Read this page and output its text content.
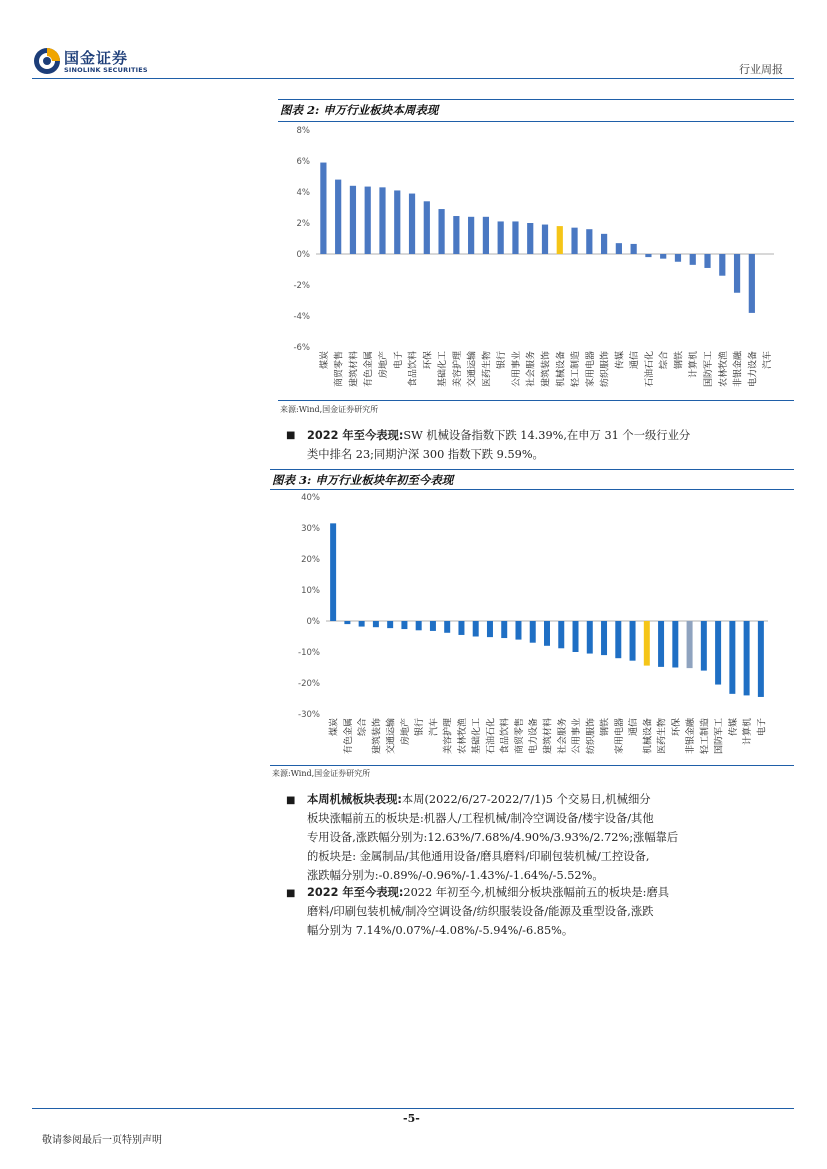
国金证券
SINOLINK SECURITIES	行业周报
图表 2: 申万行业板块本周表现
8%
6%
4%
2%
0%
-2%
-4%
-6%
煤炭 商贸零售 建筑材料 有色金属 房地产 电子 食品饮料 环保 基础化工 美容护理 交通运输 医药生物 银行 公用事业 社会服务 建筑装饰 机械设备 轻工制造 家用电器 纺织服饰 传媒 通信 石油石化 综合 钢铁 计算机 国防军工 农林牧渔 非银金融 电力设备 汽车
来源:Wind,国金证券研究所
■ 2022 年至今表现:SW 机械设备指数下跌 14.39%,在申万 31 个一级行业分
类中排名 23;同期沪深 300 指数下跌 9.59%。
图表 3: 申万行业板块年初至今表现
40%
30%
20%
10%
0%
-10%
-20%
-30%
煤炭 有色金属 综合 建筑装饰 交通运输 房地产 银行 汽车 美容护理 农林牧渔 基础化工 石油石化 食品饮料 商贸零售 电力设备 建筑材料 社会服务 公用事业 纺织服饰 钢铁 家用电器 通信 机械设备 医药生物 环保 非银金融 轻工制造 国防军工 传媒 计算机 电子
来源:Wind,国金证券研究所
■ 本周机械板块表现:本周(2022/6/27-2022/7/1)5 个交易日,机械细分
板块涨幅前五的板块是:机器人/工程机械/制冷空调设备/楼宇设备/其他
专用设备,涨跌幅分别为:12.63%/7.68%/4.90%/3.93%/2.72%;涨幅靠后
的板块是: 金属制品/其他通用设备/磨具磨料/印刷包装机械/工控设备,
涨跌幅分别为:-0.89%/-0.96%/-1.43%/-1.64%/-5.52%。
■ 2022 年至今表现:2022 年初至今,机械细分板块涨幅前五的板块是:磨具
磨料/印刷包装机械/制冷空调设备/纺织服装设备/能源及重型设备,涨跌
幅分别为 7.14%/0.07%/-4.08%/-5.94%/-6.85%。
-5-
敬请参阅最后一页特别声明
